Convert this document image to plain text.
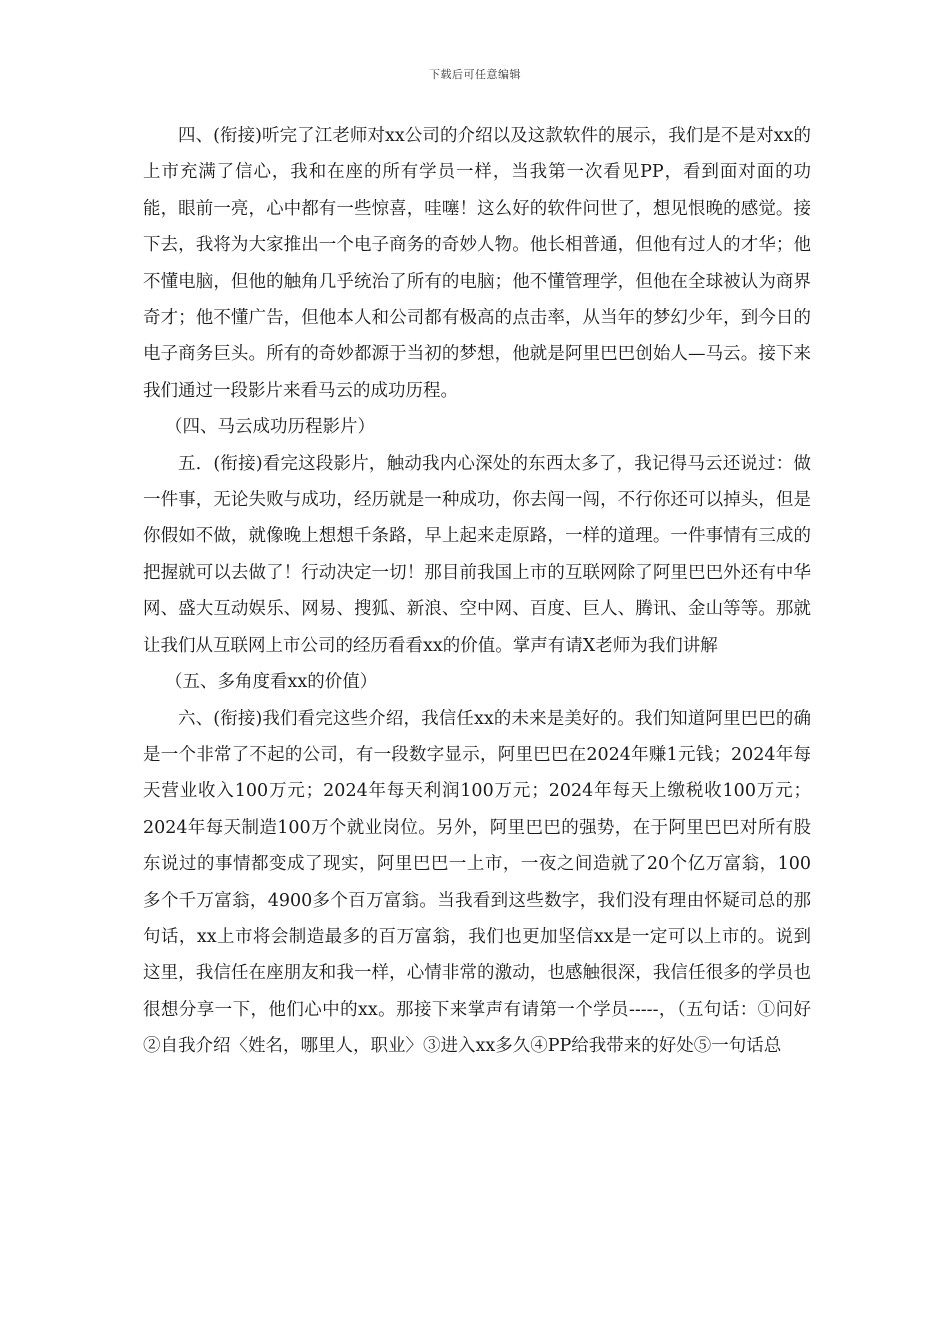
下载后可任意编辑

四、(衔接)听完了江老师对xx公司的介绍以及这款软件的展示，我们是不是对xx的上市充满了信心，我和在座的所有学员一样，当我第一次看见PP，看到面对面的功能，眼前一亮，心中都有一些惊喜，哇噻！这么好的软件问世了，想见恨晚的感觉。接下去，我将为大家推出一个电子商务的奇妙人物。他长相普通，但他有过人的才华；他不懂电脑，但他的触角几乎统治了所有的电脑；他不懂管理学，但他在全球被认为商界奇才；他不懂广告，但他本人和公司都有极高的点击率，从当年的梦幻少年，到今日的电子商务巨头。所有的奇妙都源于当初的梦想，他就是阿里巴巴创始人—马云。接下来我们通过一段影片来看马云的成功历程。

（四、马云成功历程影片）

五．(衔接)看完这段影片，触动我内心深处的东西太多了，我记得马云还说过：做一件事，无论失败与成功，经历就是一种成功，你去闯一闯，不行你还可以掉头，但是你假如不做，就像晚上想想千条路，早上起来走原路，一样的道理。一件事情有三成的把握就可以去做了！行动决定一切！那目前我国上市的互联网除了阿里巴巴外还有中华网、盛大互动娱乐、网易、搜狐、新浪、空中网、百度、巨人、腾讯、金山等等。那就让我们从互联网上市公司的经历看看xx的价值。掌声有请X老师为我们讲解

（五、多角度看xx的价值）

六、(衔接)我们看完这些介绍，我信任xx的未来是美好的。我们知道阿里巴巴的确是一个非常了不起的公司，有一段数字显示，阿里巴巴在2024年赚1元钱；2024年每天营业收入100万元；2024年每天利润100万元；2024年每天上缴税收100万元；2024年每天制造100万个就业岗位。另外，阿里巴巴的强势，在于阿里巴巴对所有股东说过的事情都变成了现实，阿里巴巴一上市，一夜之间造就了20个亿万富翁，100多个千万富翁，4900多个百万富翁。当我看到这些数字，我们没有理由怀疑司总的那句话，xx上市将会制造最多的百万富翁，我们也更加坚信xx是一定可以上市的。说到这里，我信任在座朋友和我一样，心情非常的激动，也感触很深，我信任很多的学员也很想分享一下，他们心中的xx。那接下来掌声有请第一个学员-----，（五句话：①问好②自我介绍〈姓名，哪里人，职业〉③进入xx多久④PP给我带来的好处⑤一句话总
